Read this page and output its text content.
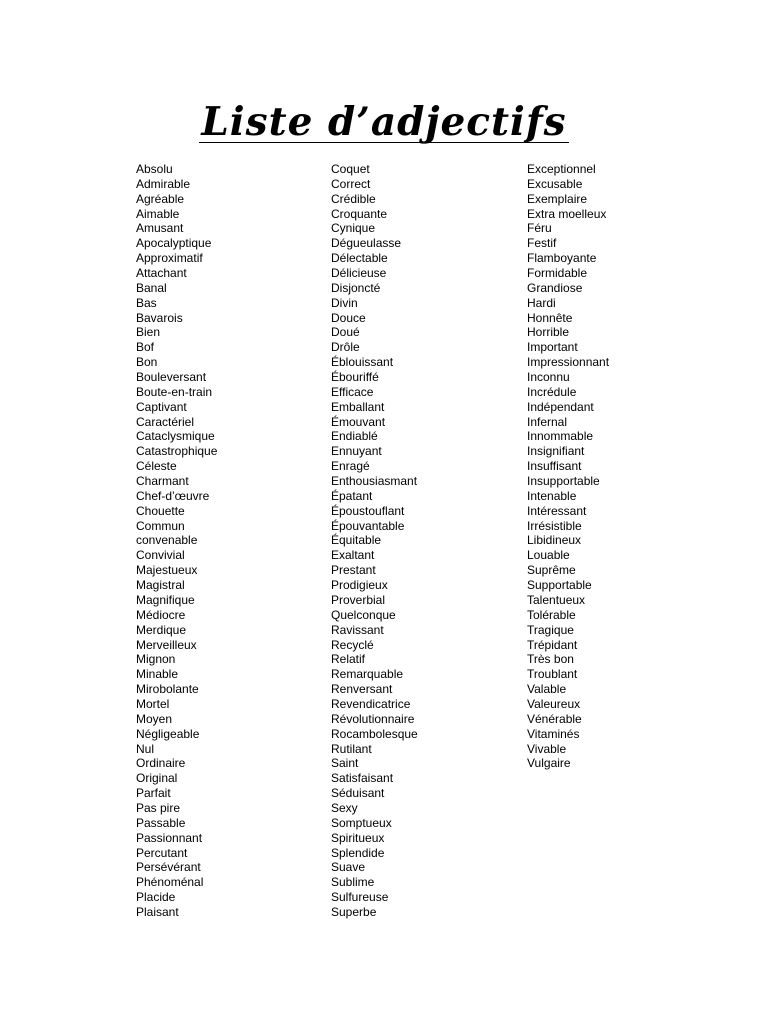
Liste d’adjectifs
Absolu
Admirable
Agréable
Aimable
Amusant
Apocalyptique
Approximatif
Attachant
Banal
Bas
Bavarois
Bien
Bof
Bon
Bouleversant
Boute-en-train
Captivant
Caractériel
Cataclysmique
Catastrophique
Céleste
Charmant
Chef-d’œuvre
Chouette
Commun
convenable
Convivial
Majestueux
Magistral
Magnifique
Médiocre
Merdique
Merveilleux
Mignon
Minable
Mirobolante
Mortel
Moyen
Négligeable
Nul
Ordinaire
Original
Parfait
Pas pire
Passable
Passionnant
Percutant
Persévérant
Phénoménal
Placide
Plaisant
Coquet
Correct
Crédible
Croquante
Cynique
Dégueulasse
Délectable
Délicieuse
Disjoncté
Divin
Douce
Doué
Drôle
Éblouissant
Ébouriffé
Efficace
Emballant
Émouvant
Endiablé
Ennuyant
Enragé
Enthousiasmant
Épatant
Époustouflant
Épouvantable
Équitable
Exaltant
Prestant
Prodigieux
Proverbial
Quelconque
Ravissant
Recyclé
Relatif
Remarquable
Renversant
Revendicatrice
Révolutionnaire
Rocambolesque
Rutilant
Saint
Satisfaisant
Séduisant
Sexy
Somptueux
Spiritueux
Splendide
Suave
Sublime
Sulfureuse
Superbe
Exceptionnel
Excusable
Exemplaire
Extra moelleux
Féru
Festif
Flamboyante
Formidable
Grandiose
Hardi
Honnête
Horrible
Important
Impressionnant
Inconnu
Incrédule
Indépendant
Infernal
Innommable
Insignifiant
Insuffisant
Insupportable
Intenable
Intéressant
Irrésistible
Libidineux
Louable
Suprême
Supportable
Talentueux
Tolérable
Tragique
Trépidant
Très bon
Troublant
Valable
Valeureux
Vénérable
Vitaminés
Vivable
Vulgaire
